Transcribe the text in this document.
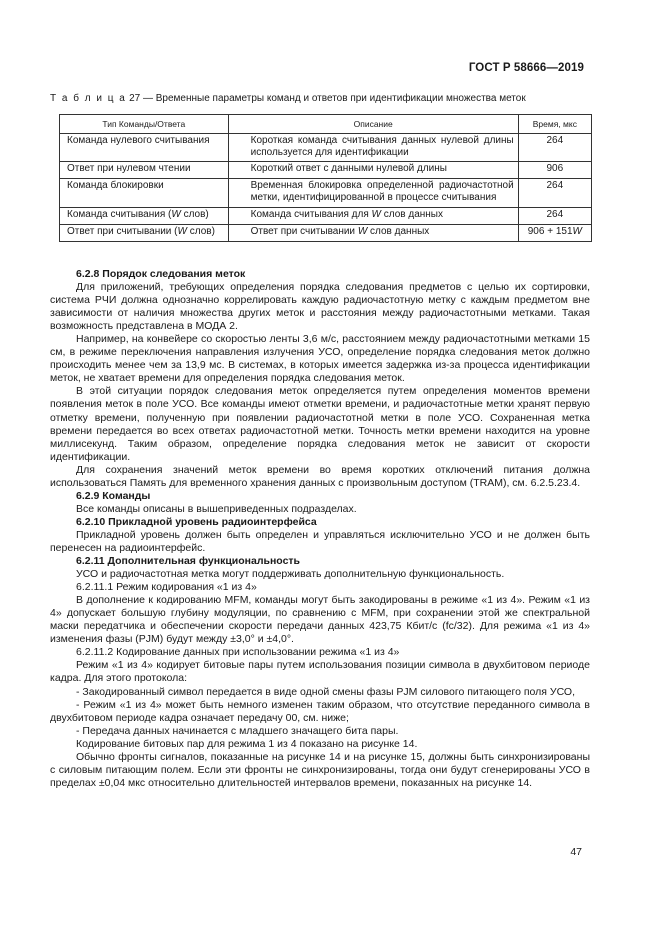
ГОСТ Р 58666—2019
Т а б л и ц а 27 — Временные параметры команд и ответов при идентификации множества меток
Тип Команды/Ответа	Описание	Время, мкс
Команда нулевого считывания	Короткая команда считывания данных нулевой длины используется для идентификации	264
Ответ при нулевом чтении	Короткий ответ с данными нулевой длины	906
Команда блокировки	Временная блокировка определенной радиочастотной метки, идентифицированной в процессе считывания	264
Команда считывания (W слов)	Команда считывания для W слов данных	264
Ответ при считывании (W слов)	Ответ при считывании W слов данных	906 + 151W

6.2.8 Порядок следования меток

Для приложений, требующих определения порядка следования предметов с целью их сортировки, система РЧИ должна однозначно коррелировать каждую радиочастотную метку с каждым предметом вне зависимости от наличия множества других меток и расстояния между радиочастотными метками. Такая возможность представлена в МОДА 2.

Например, на конвейере со скоростью ленты 3,6 м/с, расстоянием между радиочастотными метками 15 см, в режиме переключения направления излучения УСО, определение порядка следования меток должно происходить менее чем за 13,9 мс. В системах, в которых имеется задержка из-за процесса идентификации меток, не хватает времени для определения порядка следования меток.

В этой ситуации порядок следования меток определяется путем определения моментов времени появления меток в поле УСО. Все команды имеют отметки времени, и радиочастотные метки хранят первую отметку времени, полученную при появлении радиочастотной метки в поле УСО. Сохраненная метка времени передается во всех ответах радиочастотной метки. Точность метки времени находится на уровне миллисекунд. Таким образом, определение порядка следования меток не зависит от скорости идентификации.

Для сохранения значений меток времени во время коротких отключений питания должна использоваться Память для временного хранения данных с произвольным доступом (TRAM), см. 6.2.5.23.4.

6.2.9 Команды

Все команды описаны в вышеприведенных подразделах.

6.2.10 Прикладной уровень радиоинтерфейса

Прикладной уровень должен быть определен и управляться исключительно УСО и не должен быть перенесен на радиоинтерфейс.

6.2.11 Дополнительная функциональность

УСО и радиочастотная метка могут поддерживать дополнительную функциональность.

6.2.11.1 Режим кодирования «1 из 4»

В дополнение к кодированию MFM, команды могут быть закодированы в режиме «1 из 4». Режим «1 из 4» допускает большую глубину модуляции, по сравнению с MFM, при сохранении этой же спектральной маски передатчика и обеспечении скорости передачи данных 423,75 Кбит/с (fc/32). Для режима «1 из 4» изменения фазы (PJM) будут между ±3,0° и ±4,0°.

6.2.11.2 Кодирование данных при использовании режима «1 из 4»

Режим «1 из 4» кодирует битовые пары путем использования позиции символа в двухбитовом периоде кадра. Для этого протокола:

- Закодированный символ передается в виде одной смены фазы PJM силового питающего поля УСО,

- Режим «1 из 4» может быть немного изменен таким образом, что отсутствие переданного символа в двухбитовом периоде кадра означает передачу 00, см. ниже;

- Передача данных начинается с младшего значащего бита пары.

Кодирование битовых пар для режима 1 из 4 показано на рисунке 14.

Обычно фронты сигналов, показанные на рисунке 14 и на рисунке 15, должны быть синхронизированы с силовым питающим полем. Если эти фронты не синхронизированы, тогда они будут сгенерированы УСО в пределах ±0,04 мкс относительно длительностей интервалов времени, показанных на рисунке 14.

47
